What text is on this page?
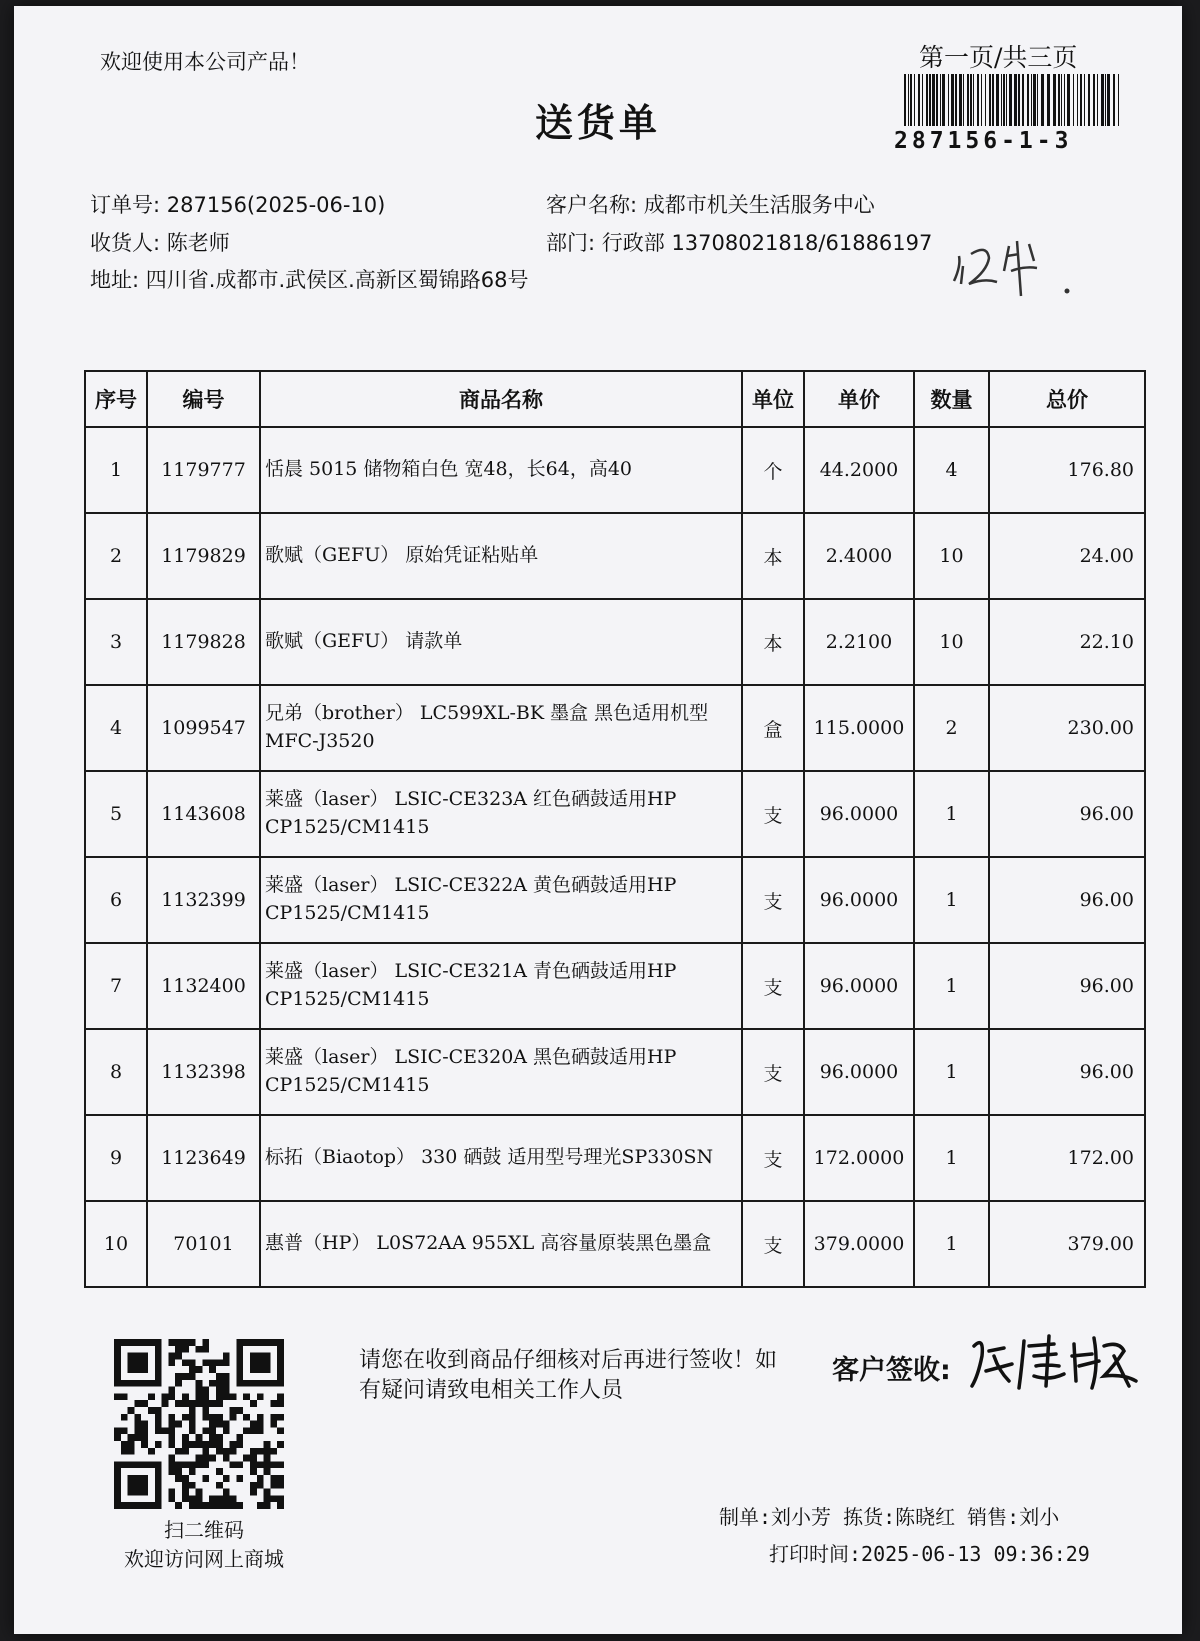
欢迎使用本公司产品！	第一页/共三页
287156-1-3
送货单
订单号: 287156(2025-06-10)
收货人: 陈老师
地址: 四川省.成都市.武侯区.高新区蜀锦路68号
客户名称: 成都市机关生活服务中心
部门: 行政部 13708021818/61886197
序号	编号	商品名称	单位	单价	数量	总价
1	1179777	恬晨 5015 储物箱白色 宽48，长64，高40	个	44.2000	4	176.80
2	1179829	歌赋（GEFU） 原始凭证粘贴单	本	2.4000	10	24.00
3	1179828	歌赋（GEFU） 请款单	本	2.2100	10	22.10
4	1099547	兄弟（brother） LC599XL-BK 墨盒 黑色适用机型MFC-J3520	盒	115.0000	2	230.00
5	1143608	莱盛（laser） LSIC-CE323A 红色硒鼓适用HP CP1525/CM1415	支	96.0000	1	96.00
6	1132399	莱盛（laser） LSIC-CE322A 黄色硒鼓适用HP CP1525/CM1415	支	96.0000	1	96.00
7	1132400	莱盛（laser） LSIC-CE321A 青色硒鼓适用HP CP1525/CM1415	支	96.0000	1	96.00
8	1132398	莱盛（laser） LSIC-CE320A 黑色硒鼓适用HP CP1525/CM1415	支	96.0000	1	96.00
9	1123649	标拓（Biaotop） 330 硒鼓 适用型号理光SP330SN	支	172.0000	1	172.00
10	70101	惠普（HP） L0S72AA 955XL 高容量原装黑色墨盒	支	379.0000	1	379.00
扫二维码
欢迎访问网上商城
请您在收到商品仔细核对后再进行签收！如有疑问请致电相关工作人员
客户签收:
制单:刘小芳 拣货:陈晓红 销售:刘小
打印时间:2025-06-13 09:36:29
